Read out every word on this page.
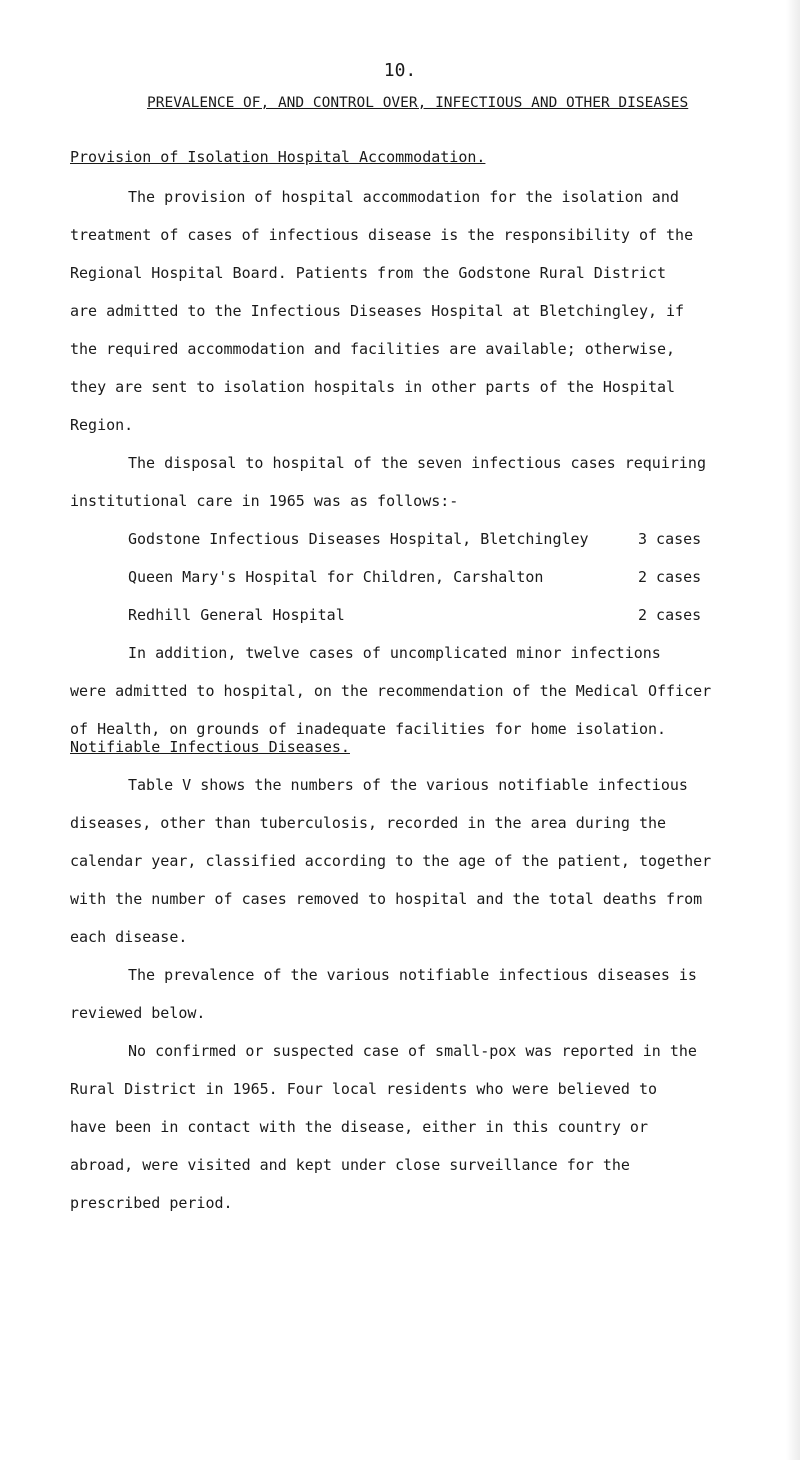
10.
PREVALENCE OF, AND CONTROL OVER, INFECTIOUS AND OTHER DISEASES
Provision of Isolation Hospital Accommodation.

The provision of hospital accommodation for the isolation and
treatment of cases of infectious disease is the responsibility of the
Regional Hospital Board. Patients from the Godstone Rural District
are admitted to the Infectious Diseases Hospital at Bletchingley, if
the required accommodation and facilities are available; otherwise,
they are sent to isolation hospitals in other parts of the Hospital
Region.

The disposal to hospital of the seven infectious cases requiring
institutional care in 1965 was as follows:-

Godstone Infectious Diseases Hospital, Bletchingley	3 cases
Queen Mary's Hospital for Children, Carshalton	2 cases
Redhill General Hospital	2 cases

In addition, twelve cases of uncomplicated minor infections
were admitted to hospital, on the recommendation of the Medical Officer
of Health, on grounds of inadequate facilities for home isolation.

Notifiable Infectious Diseases.

Table V shows the numbers of the various notifiable infectious
diseases, other than tuberculosis, recorded in the area during the
calendar year, classified according to the age of the patient, together
with the number of cases removed to hospital and the total deaths from
each disease.

The prevalence of the various notifiable infectious diseases is
reviewed below.

No confirmed or suspected case of small-pox was reported in the
Rural District in 1965. Four local residents who were believed to
have been in contact with the disease, either in this country or
abroad, were visited and kept under close surveillance for the
prescribed period.
